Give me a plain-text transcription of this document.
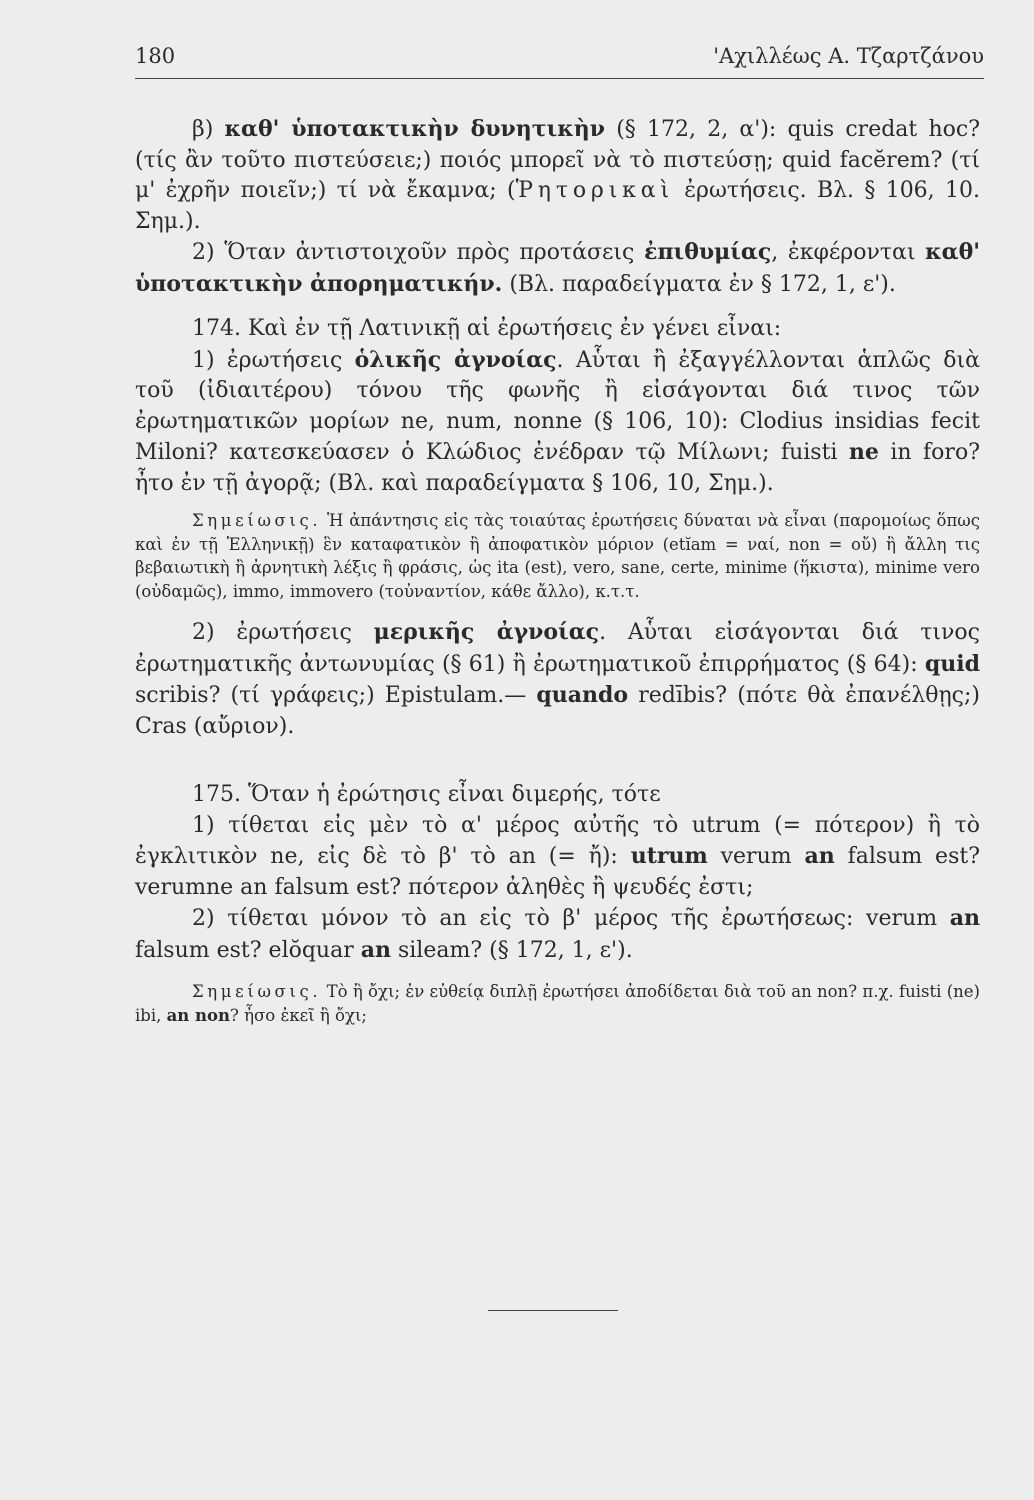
180	'Αχιλλέως Α. Τζαρτζάνου

β) καθ' ὑποτακτικὴν δυνητικὴν (§ 172, 2, α'): quis credat hoc? (τίς ἂν τοῦτο πιστεύσειε;) ποιός μπορεῖ νὰ τὸ πιστεύσῃ; quid facĕrem? (τί μ' ἐχρῆν ποιεῖν;) τί νὰ ἔκαμνα; (Ῥητορικαὶ ἐρωτήσεις. Βλ. § 106, 10. Σημ.).

2) Ὅταν ἀντιστοιχοῦν πρὸς προτάσεις ἐπιθυμίας, ἐκφέρονται καθ' ὑποτακτικὴν ἀπορηματικήν. (Βλ. παραδείγματα ἐν § 172, 1, ε').

174. Καὶ ἐν τῇ Λατινικῇ αἱ ἐρωτήσεις ἐν γένει εἶναι:

1) ἐρωτήσεις ὁλικῆς ἀγνοίας. Αὗται ἢ ἐξαγγέλλονται ἁπλῶς διὰ τοῦ (ἰδιαιτέρου) τόνου τῆς φωνῆς ἢ εἰσάγονται διά τινος τῶν ἐρωτηματικῶν μορίων ne, num, nonne (§ 106, 10): Clodius insidias fecit Miloni? κατεσκεύασεν ὁ Κλώδιος ἐνέδραν τῷ Μίλωνι; fuisti ne in foro? ἦτο ἐν τῇ ἀγορᾷ; (Βλ. καὶ παραδείγματα § 106, 10, Σημ.).

Σημείωσις. Ἡ ἀπάντησις εἰς τὰς τοιαύτας ἐρωτήσεις δύναται νὰ εἶναι (παρομοίως ὅπως καὶ ἐν τῇ Ἑλληνικῇ) ἓν καταφατικὸν ἢ ἀποφατικὸν μόριον (etĭam = ναί, non = οὔ) ἢ ἄλλη τις βεβαιωτικὴ ἢ ἀρνητικὴ λέξις ἢ φράσις, ὡς ita (est), vero, sane, certe, minime (ἥκιστα), minime vero (οὐδαμῶς), immo, immovero (τοὐναντίον, κάθε ἄλλο), κ.τ.τ.

2) ἐρωτήσεις μερικῆς ἀγνοίας. Αὗται εἰσάγονται διά τινος ἐρωτηματικῆς ἀντωνυμίας (§ 61) ἢ ἐρωτηματικοῦ ἐπιρρήματος (§ 64): quid scribis? (τί γράφεις;) Epistulam.— quando redībis? (πότε θὰ ἐπανέλθῃς;) Cras (αὔριον).

175. Ὅταν ἡ ἐρώτησις εἶναι διμερής, τότε

1) τίθεται εἰς μὲν τὸ α' μέρος αὐτῆς τὸ utrum (= πότερον) ἢ τὸ ἐγκλιτικὸν ne, εἰς δὲ τὸ β' τὸ an (= ἤ): utrum verum an falsum est? verumne an falsum est? πότερον ἀληθὲς ἢ ψευδές ἐστι;

2) τίθεται μόνον τὸ an εἰς τὸ β' μέρος τῆς ἐρωτήσεως: verum an falsum est? elŏquar an sileam? (§ 172, 1, ε').

Σημείωσις. Τὸ ἢ ὄχι; ἐν εὐθείᾳ διπλῇ ἐρωτήσει ἀποδίδεται διὰ τοῦ an non? π.χ. fuisti (ne) ibi, an non? ἦσο ἐκεῖ ἢ ὄχι;
